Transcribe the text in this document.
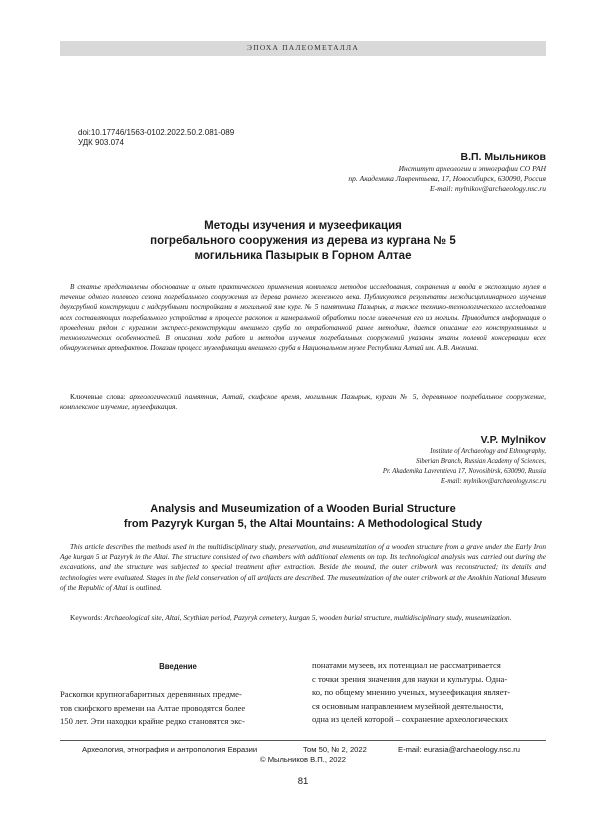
ЭПОХА ПАЛЕОМЕТАЛЛА
doi:10.17746/1563-0102.2022.50.2.081-089
УДК 903.074
В.П. Мыльников
Институт археологии и этнографии СО РАН
пр. Академика Лаврентьева, 17, Новосибирск, 630090, Россия
E-mail: mylnikov@archaeology.nsc.ru
Методы изучения и музеефикация
погребального сооружения из дерева из кургана № 5
могильника Пазырык в Горном Алтае
В статье представлены обоснование и опыт практического применения комплекса методов исследования, сохранения и ввода в экспозицию музея в течение одного полевого сезона погребального сооружения из дерева раннего железного века. Публикуются результаты междисциплинарного изучения двухсрубной конструкции с надсрубными постройками в могильной яме кург. № 5 памятника Пазырык, а также технико-технологического исследования всех составляющих погребального устройства в процессе раскопок и камеральной обработки после извлечения его из могилы. Приводится информация о проведении рядом с курганом экспресс-реконструкции внешнего сруба по отработанной ранее методике, дается описание его конструктивных и технологических особенностей. В описании хода работ и методов изучения погребальных сооружений указаны этапы полевой консервации всех обнаруженных артефактов. Показан процесс музеефикации внешнего сруба в Национальном музее Республики Алтай им. А.В. Анохина.
Ключевые слова: археологический памятник, Алтай, скифское время, могильник Пазырык, курган № 5, деревянное погребальное сооружение, комплексное изучение, музеефикация.
V.P. Mylnikov
Institute of Archaeology and Ethnography,
Siberian Branch, Russian Academy of Sciences,
Pr. Akademika Lavrentieva 17, Novosibirsk, 630090, Russia
E-mail: mylnikov@archaeology.nsc.ru
Analysis and Museumization of a Wooden Burial Structure
from Pazyryk Kurgan 5, the Altai Mountains: A Methodological Study
This article describes the methods used in the multidisciplinary study, preservation, and museumization of a wooden structure from a grave under the Early Iron Age kurgan 5 at Pazyryk in the Altai. The structure consisted of two chambers with additional elements on top. Its technological analysis was carried out during the excavations, and the structure was subjected to special treatment after extraction. Beside the mound, the outer cribwork was reconstructed; its details and technologies were evaluated. Stages in the field conservation of all artifacts are described. The museumization of the outer cribwork at the Anokhin National Museum of the Republic of Altai is outlined.
Keywords: Archaeological site, Altai, Scythian period, Pazyryk cemetery, kurgan 5, wooden burial structure, multidisciplinary study, museumization.
Введение
Раскопки крупногабаритных деревянных предме-
тов скифского времени на Алтае проводятся более
150 лет. Эти находки крайне редко становятся экс-
понатами музеев, их потенциал не рассматривается
с точки зрения значения для науки и культуры. Одна-
ко, по общему мнению ученых, музеефикация являет-
ся основным направлением музейной деятельности,
одна из целей которой – сохранение археологических
Археология, этнография и антропология Евразии	Том 50, № 2, 2022	E-mail: eurasia@archaeology.nsc.ru
© Мыльников В.П., 2022
81
